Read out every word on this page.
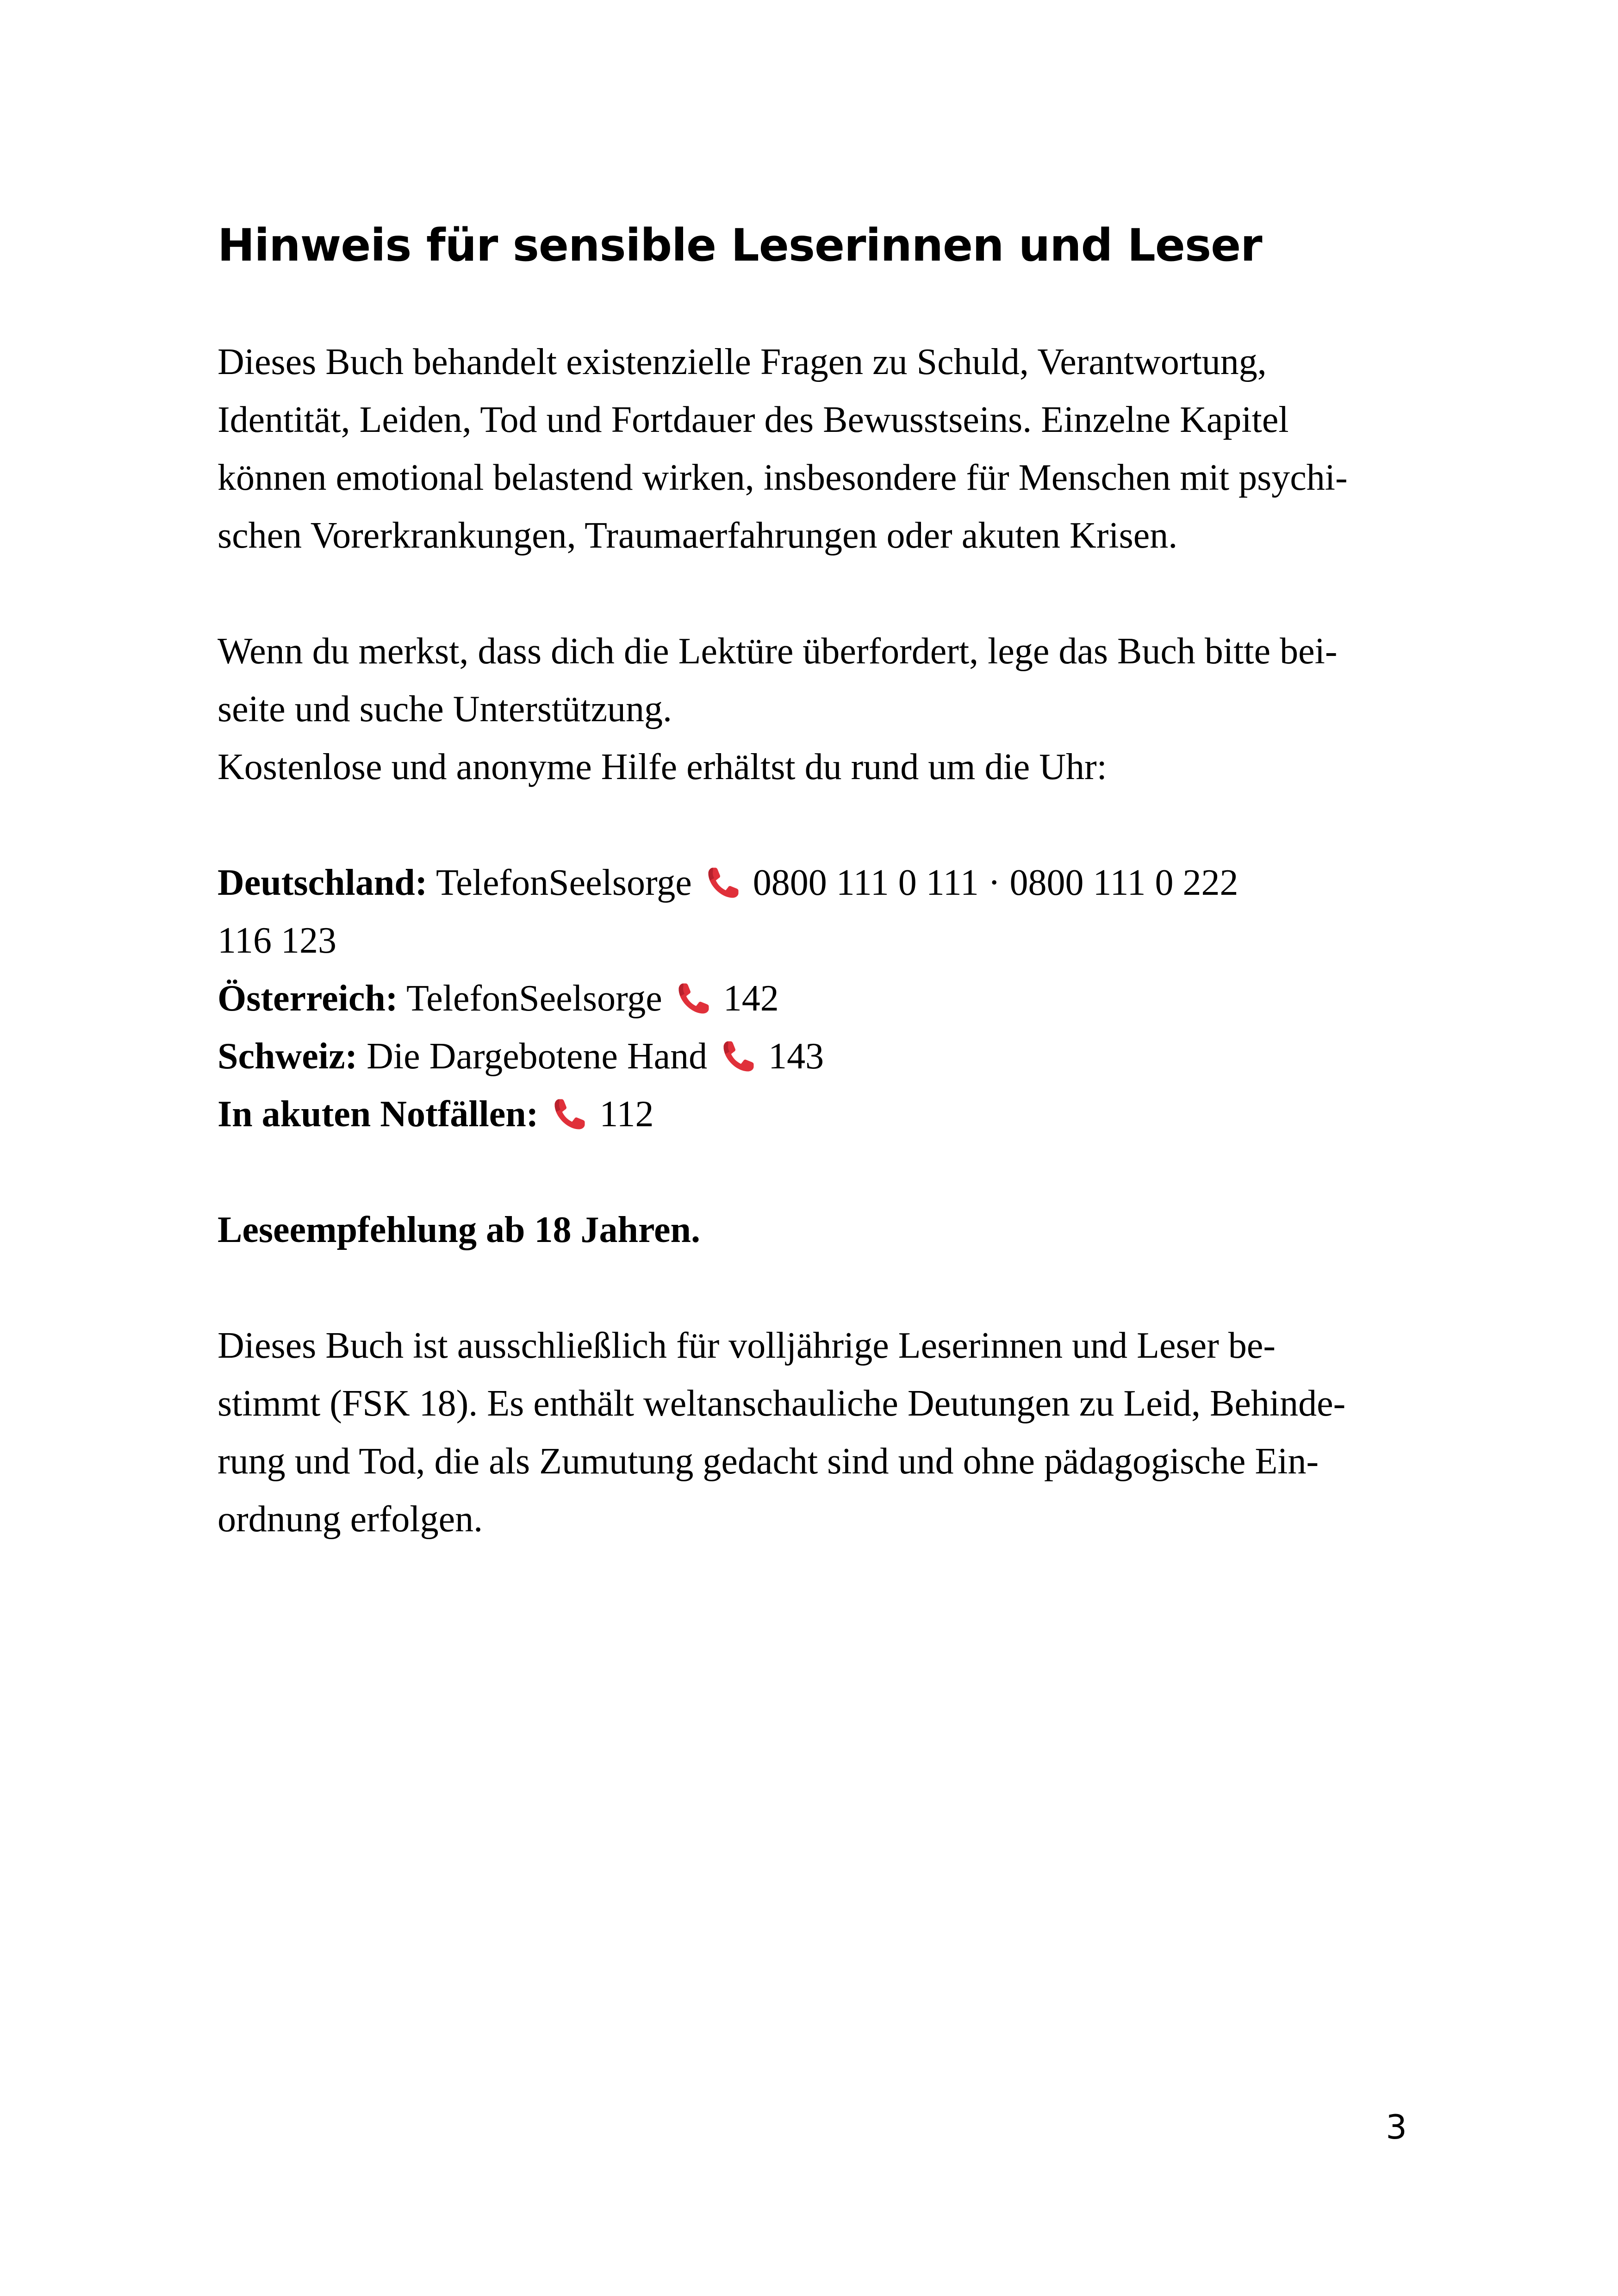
Hinweis für sensible Leserinnen und Leser

Dieses Buch behandelt existenzielle Fragen zu Schuld, Verantwortung,
Identität, Leiden, Tod und Fortdauer des Bewusstseins. Einzelne Kapitel
können emotional belastend wirken, insbesondere für Menschen mit psychi-
schen Vorerkrankungen, Traumaerfahrungen oder akuten Krisen.

Wenn du merkst, dass dich die Lektüre überfordert, lege das Buch bitte bei-
seite und suche Unterstützung.
Kostenlose und anonyme Hilfe erhältst du rund um die Uhr:

Deutschland: TelefonSeelsorge 0800 111 0 111 · 0800 111 0 222
116 123
Österreich: TelefonSeelsorge 142
Schweiz: Die Dargebotene Hand 143
In akuten Notfällen: 112

Leseempfehlung ab 18 Jahren.

Dieses Buch ist ausschließlich für volljährige Leserinnen und Leser be-
stimmt (FSK 18). Es enthält weltanschauliche Deutungen zu Leid, Behinde-
rung und Tod, die als Zumutung gedacht sind und ohne pädagogische Ein-
ordnung erfolgen.

3
